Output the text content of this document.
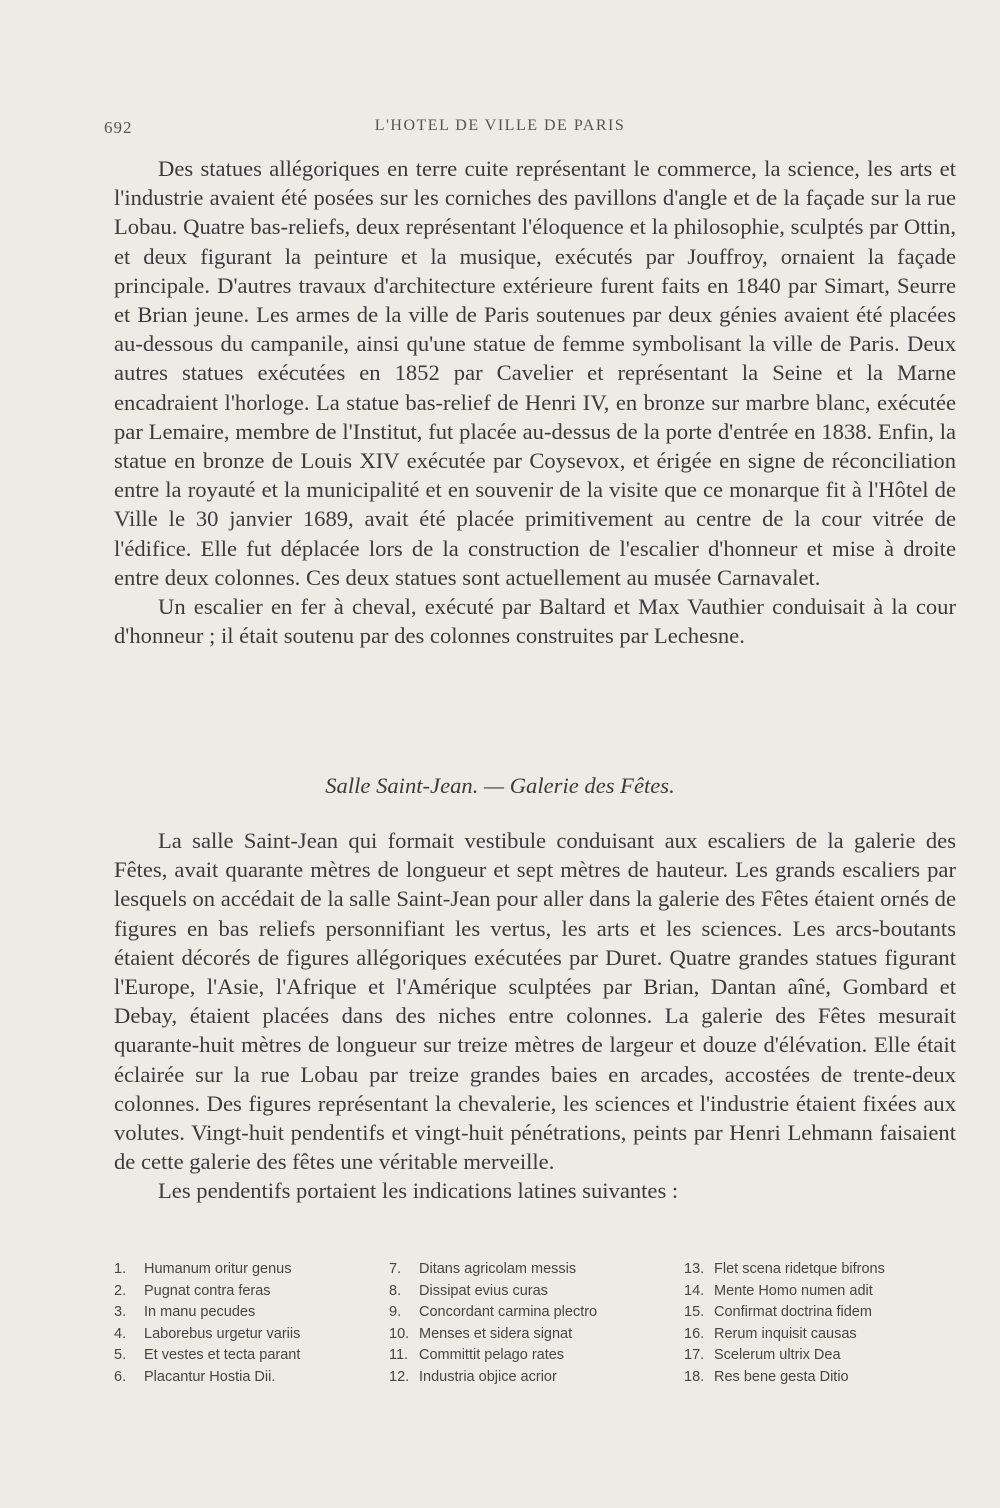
692	L'HOTEL DE VILLE DE PARIS

Des statues allégoriques en terre cuite représentant le commerce, la science, les arts et l'industrie avaient été posées sur les corniches des pavillons d'angle et de la façade sur la rue Lobau. Quatre bas-reliefs, deux représentant l'éloquence et la philosophie, sculptés par Ottin, et deux figurant la peinture et la musique, exécutés par Jouffroy, ornaient la façade principale. D'autres travaux d'architecture extérieure furent faits en 1840 par Simart, Seurre et Brian jeune. Les armes de la ville de Paris soutenues par deux génies avaient été placées au-dessous du campanile, ainsi qu'une statue de femme symbolisant la ville de Paris. Deux autres statues exécutées en 1852 par Cavelier et représentant la Seine et la Marne encadraient l'horloge. La statue bas-relief de Henri IV, en bronze sur marbre blanc, exécutée par Lemaire, membre de l'Institut, fut placée au-dessus de la porte d'entrée en 1838. Enfin, la statue en bronze de Louis XIV exécutée par Coysevox, et érigée en signe de réconciliation entre la royauté et la municipalité et en souvenir de la visite que ce monarque fit à l'Hôtel de Ville le 30 janvier 1689, avait été placée primitivement au centre de la cour vitrée de l'édifice. Elle fut déplacée lors de la construction de l'escalier d'honneur et mise à droite entre deux colonnes. Ces deux statues sont actuellement au musée Carnavalet.

Un escalier en fer à cheval, exécuté par Baltard et Max Vauthier conduisait à la cour d'honneur ; il était soutenu par des colonnes construites par Lechesne.

Salle Saint-Jean. — Galerie des Fêtes.

La salle Saint-Jean qui formait vestibule conduisant aux escaliers de la galerie des Fêtes, avait quarante mètres de longueur et sept mètres de hauteur. Les grands escaliers par lesquels on accédait de la salle Saint-Jean pour aller dans la galerie des Fêtes étaient ornés de figures en bas reliefs personnifiant les vertus, les arts et les sciences. Les arcs-boutants étaient décorés de figures allégoriques exécutées par Duret. Quatre grandes statues figurant l'Europe, l'Asie, l'Afrique et l'Amérique sculptées par Brian, Dantan aîné, Gombard et Debay, étaient placées dans des niches entre colonnes. La galerie des Fêtes mesurait quarante-huit mètres de longueur sur treize mètres de largeur et douze d'élévation. Elle était éclairée sur la rue Lobau par treize grandes baies en arcades, accostées de trente-deux colonnes. Des figures représentant la chevalerie, les sciences et l'industrie étaient fixées aux volutes. Vingt-huit pendentifs et vingt-huit pénétrations, peints par Henri Lehmann faisaient de cette galerie des fêtes une véritable merveille.

Les pendentifs portaient les indications latines suivantes :

1. Humanum oritur genus
2. Pugnat contra feras
3. In manu pecudes
4. Laborebus urgetur variis
5. Et vestes et tecta parant
6. Placantur Hostia Dii.
7. Ditans agricolam messis
8. Dissipat evius curas
9. Concordant carmina plectro
10. Menses et sidera signat
11. Committit pelago rates
12. Industria objice acrior
13. Flet scena ridetque bifrons
14. Mente Homo numen adit
15. Confirmat doctrina fidem
16. Rerum inquisit causas
17. Scelerum ultrix Dea
18. Res bene gesta Ditio
